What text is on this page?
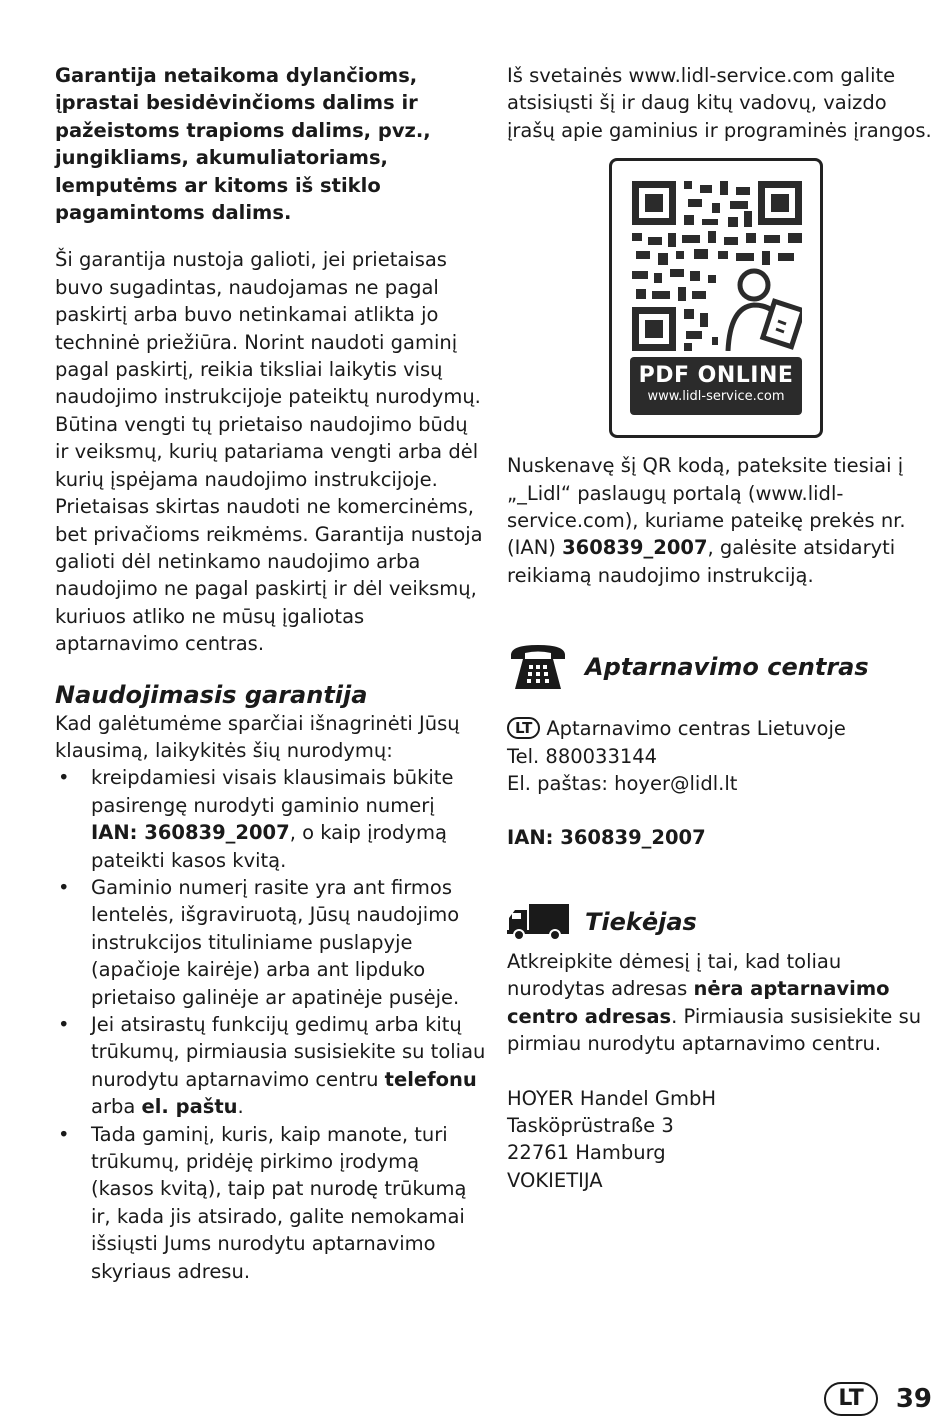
Garantija netaikoma dylančioms, įprastai besidėvinčioms dalims ir pažeistoms trapioms dalims, pvz., jungikliams, akumuliatoriams, lemputėms ar kitoms iš stiklo pagamintoms dalims.

Ši garantija nustoja galioti, jei prietaisas buvo sugadintas, naudojamas ne pagal paskirtį arba buvo netinkamai atlikta jo techninė priežiūra. Norint naudoti gaminį pagal paskirtį, reikia tiksliai laikytis visų naudojimo instrukcijoje pateiktų nurodymų. Būtina vengti tų prietaiso naudojimo būdų ir veiksmų, kurių patariama vengti arba dėl kurių įspėjama naudojimo instrukcijoje.

Prietaisas skirtas naudoti ne komercinėms, bet privačioms reikmėms. Garantija nustoja galioti dėl netinkamo naudojimo arba naudojimo ne pagal paskirtį ir dėl veiksmų, kuriuos atliko ne mūsų įgaliotas aptarnavimo centras.

Naudojimasis garantija

Kad galėtumėme sparčiai išnagrinėti Jūsų klausimą, laikykitės šių nurodymų:

• kreipdamiesi visais klausimais būkite pasirengę nurodyti gaminio numerį IAN: 360839_2007, o kaip įrodymą pateikti kasos kvitą.
• Gaminio numerį rasite yra ant firmos lentelės, išgraviruotą, Jūsų naudojimo instrukcijos tituliniame puslapyje (apačioje kairėje) arba ant lipduko prietaiso galinėje ar apatinėje pusėje.
• Jei atsirastų funkcijų gedimų arba kitų trūkumų, pirmiausia susisiekite su toliau nurodytu aptarnavimo centru telefonu arba el. paštu.
• Tada gaminį, kuris, kaip manote, turi trūkumų, pridėję pirkimo įrodymą (kasos kvitą), taip pat nurodę trūkumą ir, kada jis atsirado, galite nemokamai išsiųsti Jums nurodytu aptarnavimo skyriaus adresu.

Iš svetainės www.lidl-service.com galite atsisiųsti šį ir daug kitų vadovų, vaizdo įrašų apie gaminius ir programinės įrangos.

PDF ONLINE
www.lidl-service.com

Nuskenavę šį QR kodą, pateksite tiesiai į „_Lidl“ paslaugų portalą (www.lidl-service.com), kuriame pateikę prekės nr. (IAN) 360839_2007, galėsite atsidaryti reikiamą naudojimo instrukciją.

Aptarnavimo centras

LT Aptarnavimo centras Lietuvoje

Tel. 880033144

El. paštas: hoyer@lidl.lt

IAN: 360839_2007

Tiekėjas

Atkreipkite dėmesį į tai, kad toliau nurodytas adresas nėra aptarnavimo centro adresas. Pirmiausia susisiekite su pirmiau nurodytu aptarnavimo centru.

HOYER Handel GmbH

Tasköprüstraße 3

22761 Hamburg

VOKIETIJA

LT	39
